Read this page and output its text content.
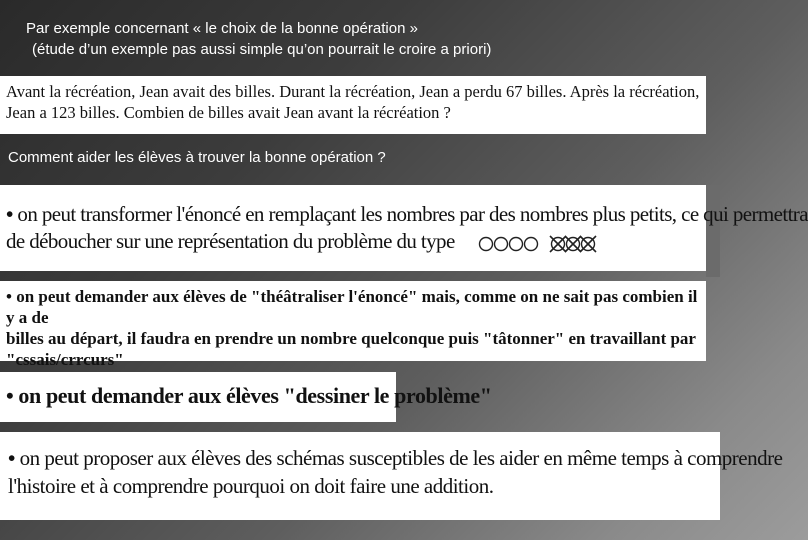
Par exemple concernant « le choix de la bonne opération »
(étude d’un exemple pas aussi simple qu’on pourrait le croire a priori)
Avant la récréation, Jean avait des billes. Durant la récréation, Jean a perdu 67 billes. Après la récréation,
Jean a 123 billes. Combien de billes avait Jean avant la récréation ?
Comment aider les élèves à trouver la bonne opération ?
• on peut transformer l'énoncé en remplaçant les nombres par des nombres plus petits, ce qui permettra
de déboucher sur une représentation du problème du type
• on peut demander aux élèves de "théâtraliser l'énoncé" mais, comme on ne sait pas combien il y a de
billes au départ, il faudra en prendre un nombre quelconque puis "tâtonner" en travaillant par
"cssais/crrcurs"
• on peut demander aux élèves "dessiner le problème"
• on peut proposer aux élèves des schémas susceptibles de les aider en même temps à comprendre
l'histoire et à comprendre pourquoi on doit faire une addition.
